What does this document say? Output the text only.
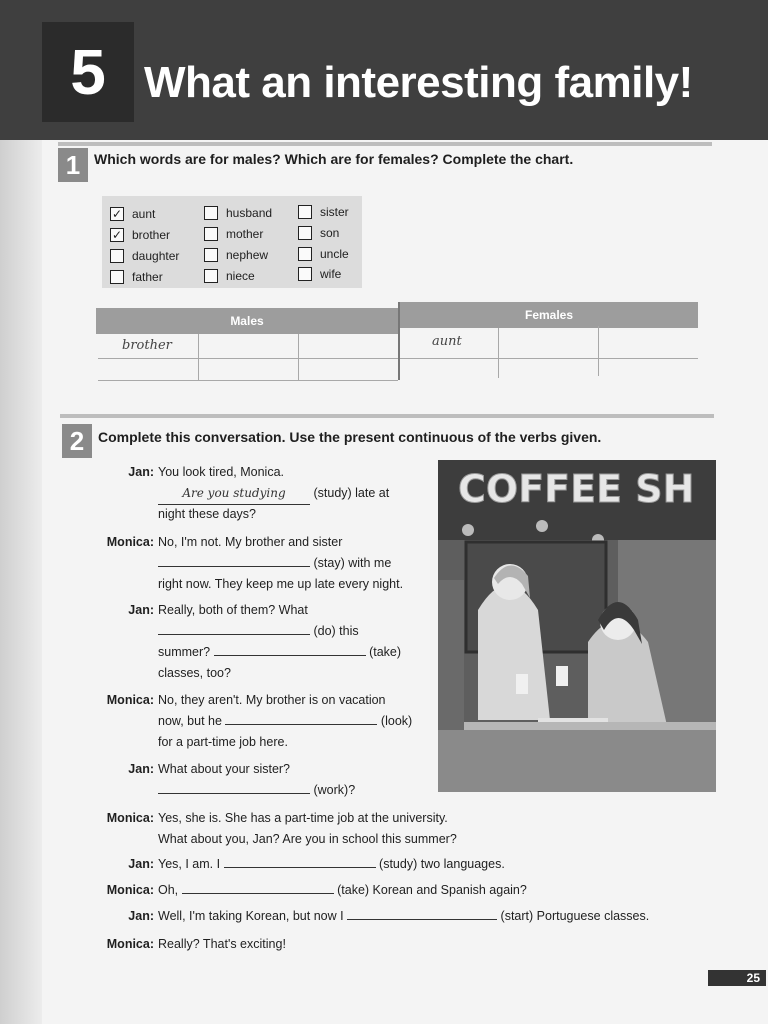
5 What an interesting family!
1 Which words are for males? Which are for females? Complete the chart.
✓ aunt
✓ brother
daughter
father
husband
mother
nephew
niece
sister
son
uncle
wife
Males	Females
brother	aunt
2 Complete this conversation. Use the present continuous of the verbs given.
Jan: You look tired, Monica.
Are you studying (study) late at
night these days?
Monica: No, I'm not. My brother and sister
(stay) with me
right now. They keep me up late every night.
Jan: Really, both of them? What
(do) this
summer?	(take)
classes, too?
Monica: No, they aren't. My brother is on vacation
now, but he	(look)
for a part-time job here.
Jan: What about your sister?
(work)?
Monica: Yes, she is. She has a part-time job at the university.
What about you, Jan? Are you in school this summer?
Jan: Yes, I am. I	(study) two languages.
Monica: Oh,	(take) Korean and Spanish again?
Jan: Well, I'm taking Korean, but now I	(start) Portuguese classes.
Monica: Really? That's exciting!
COFFEE SH
25
